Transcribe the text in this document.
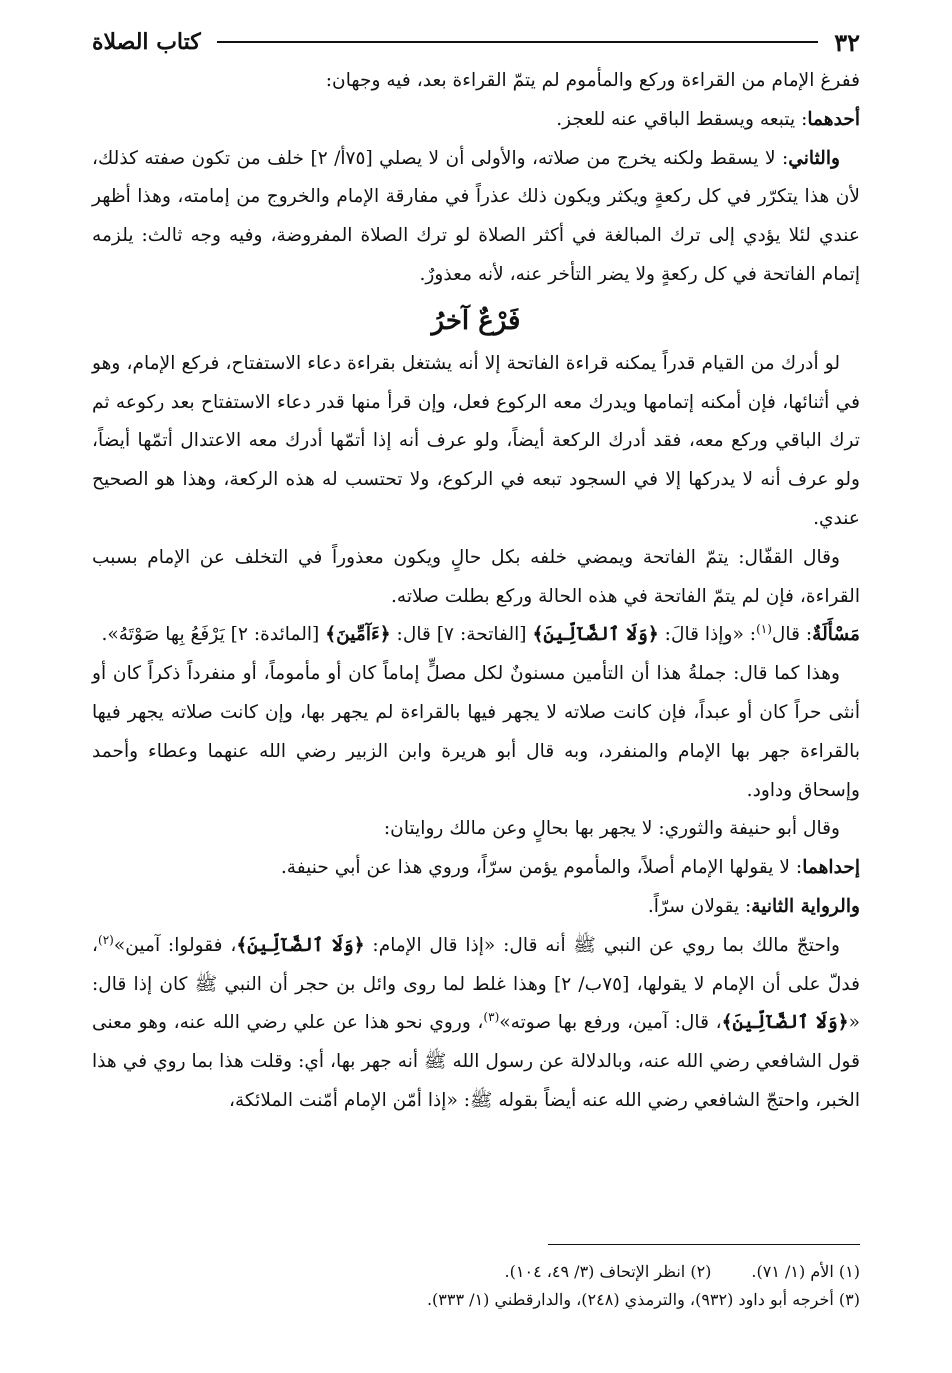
٣٢
كتاب الصلاة

ففرغ الإمام من القراءة وركع والمأموم لم يتمّ القراءة بعد، فيه وجهان:

أحدهما: يتبعه ويسقط الباقي عنه للعجز.

والثاني: لا يسقط ولكنه يخرج من صلاته، والأولى أن لا يصلي [٧٥أ/ ٢] خلف من تكون صفته كذلك، لأن هذا يتكرّر في كل ركعةٍ ويكثر ويكون ذلك عذراً في مفارقة الإمام والخروج من إمامته، وهذا أظهر عندي لئلا يؤدي إلى ترك المبالغة في أكثر الصلاة لو ترك الصلاة المفروضة، وفيه وجه ثالث: يلزمه إتمام الفاتحة في كل ركعةٍ ولا يضر التأخر عنه، لأنه معذورٌ.

فَرْعٌ آخرُ

لو أدرك من القيام قدراً يمكنه قراءة الفاتحة إلا أنه يشتغل بقراءة دعاء الاستفتاح، فركع الإمام، وهو في أثنائها، فإن أمكنه إتمامها ويدرك معه الركوع فعل، وإن قرأ منها قدر دعاء الاستفتاح بعد ركوعه ثم ترك الباقي وركع معه، فقد أدرك الركعة أيضاً، ولو عرف أنه إذا أتمّها أدرك معه الاعتدال أتمّها أيضاً، ولو عرف أنه لا يدركها إلا في السجود تبعه في الركوع، ولا تحتسب له هذه الركعة، وهذا هو الصحيح عندي.

وقال القفّال: يتمّ الفاتحة ويمضي خلفه بكل حالٍ ويكون معذوراً في التخلف عن الإمام بسبب القراءة، فإن لم يتمّ الفاتحة في هذه الحالة وركع بطلت صلاته.

مَسْأَلَةٌ: قال$^{(١)}$: «وإذا قالَ: ﴿وَلَا ٱلضَّآلِّينَ﴾ [الفاتحة: ٧] قال: ﴿ءَآمِّينَ﴾ [المائدة: ٢] يَرْفَعُ بِها صَوْتَهُ».

وهذا كما قال: جملةُ هذا أن التأمين مسنونٌ لكل مصلٍّ إماماً كان أو مأموماً، أو منفرداً ذكراً كان أو أنثى حراً كان أو عبداً، فإن كانت صلاته لا يجهر فيها بالقراءة لم يجهر بها، وإن كانت صلاته يجهر فيها بالقراءة جهر بها الإمام والمنفرد، وبه قال أبو هريرة وابن الزبير رضي الله عنهما وعطاء وأحمد وإسحاق وداود.

وقال أبو حنيفة والثوري: لا يجهر بها بحالٍ وعن مالك روايتان:

إحداهما: لا يقولها الإمام أصلاً، والمأموم يؤمن سرّاً، وروي هذا عن أبي حنيفة.

والرواية الثانية: يقولان سرّاً.

واحتجّ مالك بما روي عن النبي ﷺ أنه قال: «إذا قال الإمام: ﴿وَلَا ٱلضَّآلِّينَ﴾، فقولوا: آمين»$^{(٢)}$، فدلّ على أن الإمام لا يقولها، [٧٥ب/ ٢] وهذا غلط لما روى وائل بن حجر أن النبي ﷺ كان إذا قال: «﴿وَلَا ٱلضَّآلِّينَ﴾، قال: آمين، ورفع بها صوته»$^{(٣)}$، وروي نحو هذا عن علي رضي الله عنه، وهو معنى قول الشافعي رضي الله عنه، وبالدلالة عن رسول الله ﷺ أنه جهر بها، أي: وقلت هذا بما روي في هذا الخبر، واحتجّ الشافعي رضي الله عنه أيضاً بقوله ﷺ: «إذا أمّن الإمام أمّنت الملائكة،

(١) الأم (١/ ٧١).
(٢) انظر الإتحاف (٣/ ٤٩، ١٠٤).
(٣) أخرجه أبو داود (٩٣٢)، والترمذي (٢٤٨)، والدارقطني (١/ ٣٣٣).
